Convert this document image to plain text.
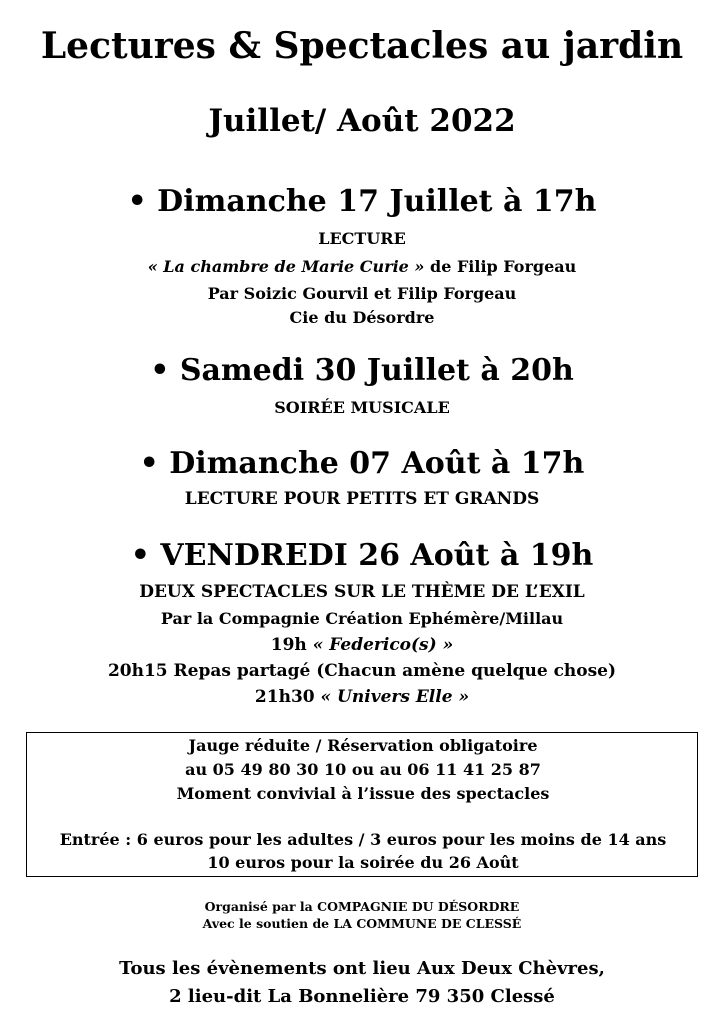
Lectures & Spectacles au jardin
Juillet/ Août 2022
• Dimanche 17 Juillet à 17h
LECTURE
« La chambre de Marie Curie » de Filip Forgeau
Par Soizic Gourvil et Filip Forgeau
Cie du Désordre
• Samedi 30 Juillet à 20h
SOIRÉE MUSICALE
• Dimanche 07 Août à 17h
LECTURE POUR PETITS ET GRANDS
• VENDREDI 26 Août à 19h
DEUX SPECTACLES SUR LE THÈME DE L’EXIL
Par la Compagnie Création Ephémère/Millau
19h « Federico(s) »
20h15 Repas partagé (Chacun amène quelque chose)
21h30 « Univers Elle »
Jauge réduite / Réservation obligatoire
au 05 49 80 30 10 ou au 06 11 41 25 87
Moment convivial à l’issue des spectacles
Entrée : 6 euros pour les adultes / 3 euros pour les moins de 14 ans
10 euros pour la soirée du 26 Août
Organisé par la COMPAGNIE DU DÉSORDRE
Avec le soutien de LA COMMUNE DE CLESSÉ
Tous les évènements ont lieu Aux Deux Chèvres,
2 lieu-dit La Bonnelière 79 350 Clessé
